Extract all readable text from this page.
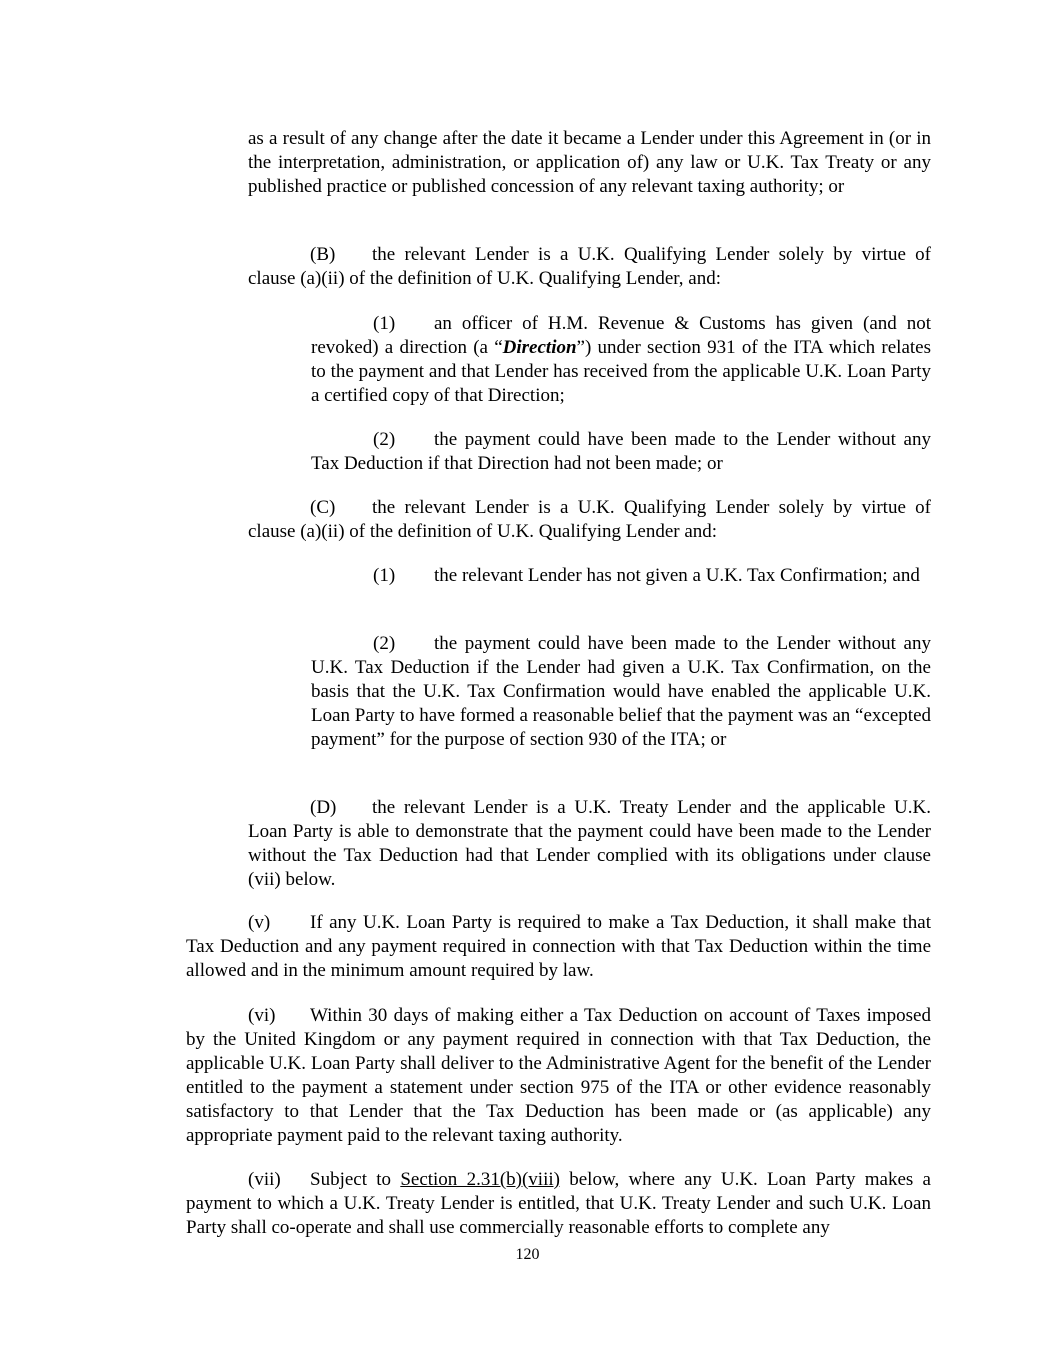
as a result of any change after the date it became a Lender under this Agreement in (or in the interpretation, administration, or application of) any law or U.K. Tax Treaty or any published practice or published concession of any relevant taxing authority; or

(B) the relevant Lender is a U.K. Qualifying Lender solely by virtue of clause (a)(ii) of the definition of U.K. Qualifying Lender, and:

(1) an officer of H.M. Revenue & Customs has given (and not revoked) a direction (a “Direction”) under section 931 of the ITA which relates to the payment and that Lender has received from the applicable U.K. Loan Party a certified copy of that Direction;

(2) the payment could have been made to the Lender without any Tax Deduction if that Direction had not been made; or

(C) the relevant Lender is a U.K. Qualifying Lender solely by virtue of clause (a)(ii) of the definition of U.K. Qualifying Lender and:

(1) the relevant Lender has not given a U.K. Tax Confirmation; and

(2) the payment could have been made to the Lender without any U.K. Tax Deduction if the Lender had given a U.K. Tax Confirmation, on the basis that the U.K. Tax Confirmation would have enabled the applicable U.K. Loan Party to have formed a reasonable belief that the payment was an “excepted payment” for the purpose of section 930 of the ITA; or

(D) the relevant Lender is a U.K. Treaty Lender and the applicable U.K. Loan Party is able to demonstrate that the payment could have been made to the Lender without the Tax Deduction had that Lender complied with its obligations under clause (vii) below.

(v) If any U.K. Loan Party is required to make a Tax Deduction, it shall make that Tax Deduction and any payment required in connection with that Tax Deduction within the time allowed and in the minimum amount required by law.

(vi) Within 30 days of making either a Tax Deduction on account of Taxes imposed by the United Kingdom or any payment required in connection with that Tax Deduction, the applicable U.K. Loan Party shall deliver to the Administrative Agent for the benefit of the Lender entitled to the payment a statement under section 975 of the ITA or other evidence reasonably satisfactory to that Lender that the Tax Deduction has been made or (as applicable) any appropriate payment paid to the relevant taxing authority.

(vii) Subject to Section 2.31(b)(viii) below, where any U.K. Loan Party makes a payment to which a U.K. Treaty Lender is entitled, that U.K. Treaty Lender and such U.K. Loan Party shall co-operate and shall use commercially reasonable efforts to complete any

120
